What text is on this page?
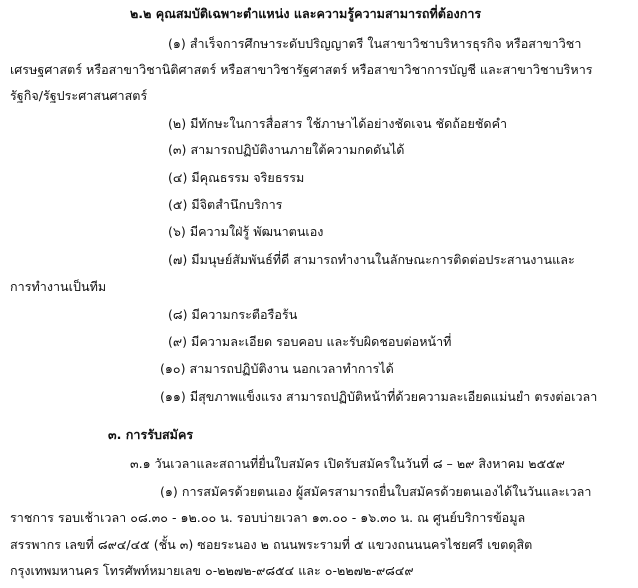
๒.๒ คุณสมบัติเฉพาะตำแหน่ง และความรู้ความสามารถที่ต้องการ
(๑) สำเร็จการศึกษาระดับปริญญาตรี ในสาขาวิชาบริหารธุรกิจ หรือสาขาวิชา
เศรษฐศาสตร์ หรือสาขาวิชานิติศาสตร์ หรือสาขาวิชารัฐศาสตร์ หรือสาขาวิชาการบัญชี และสาขาวิชาบริหาร
รัฐกิจ/รัฐประศาสนศาสตร์
(๒) มีทักษะในการสื่อสาร ใช้ภาษาได้อย่างชัดเจน ชัดถ้อยชัดคำ
(๓) สามารถปฏิบัติงานภายใต้ความกดดันได้
(๔) มีคุณธรรม จริยธรรม
(๕) มีจิตสำนึกบริการ
(๖) มีความใฝ่รู้ พัฒนาตนเอง
(๗) มีมนุษย์สัมพันธ์ที่ดี สามารถทำงานในลักษณะการติดต่อประสานงานและ
การทำงานเป็นทีม
(๘) มีความกระตือรือร้น
(๙) มีความละเอียด รอบคอบ และรับผิดชอบต่อหน้าที่
(๑๐) สามารถปฏิบัติงาน นอกเวลาทำการได้
(๑๑) มีสุขภาพแข็งแรง สามารถปฏิบัติหน้าที่ด้วยความละเอียดแม่นยำ ตรงต่อเวลา
๓. การรับสมัคร
๓.๑ วันเวลาและสถานที่ยื่นใบสมัคร เปิดรับสมัครในวันที่ ๘ – ๒๙ สิงหาคม ๒๕๕๙
(๑) การสมัครด้วยตนเอง ผู้สมัครสามารถยื่นใบสมัครด้วยตนเองได้ในวันและเวลา
ราชการ รอบเช้าเวลา ๐๘.๓๐ - ๑๒.๐๐ น. รอบบ่ายเวลา ๑๓.๐๐ - ๑๖.๓๐ น. ณ ศูนย์บริการข้อมูล
สรรพากร เลขที่ ๘๙๔/๔๕ (ชั้น ๓) ซอยระนอง ๒ ถนนพระรามที่ ๕ แขวงถนนนครไชยศรี เขตดุสิต
กรุงเทพมหานคร โทรศัพท์หมายเลข ๐-๒๒๗๒-๙๘๕๔ และ ๐-๒๒๗๒-๙๘๔๙
